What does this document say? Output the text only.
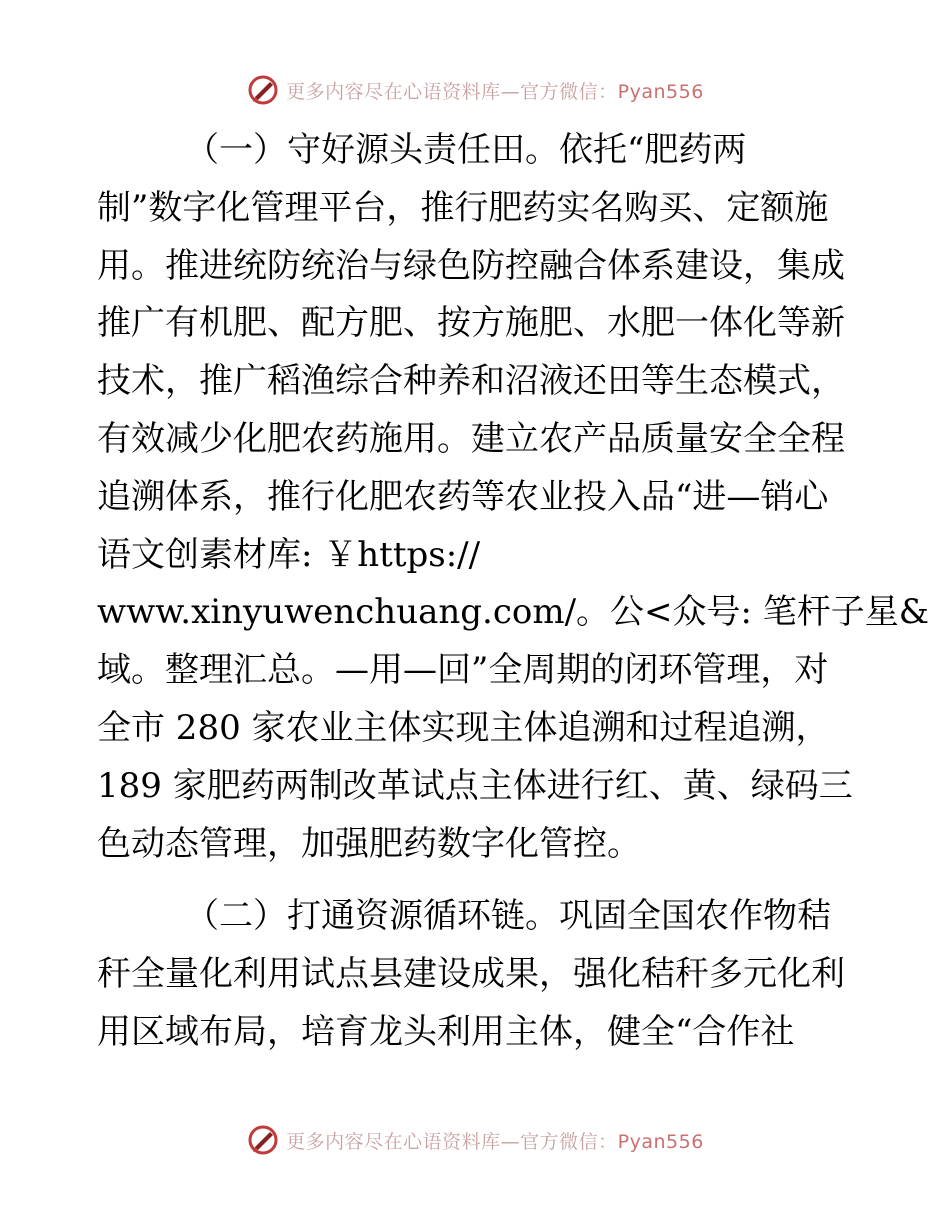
更多内容尽在心语资料库—官方微信：Pyan556
（一）守好源头责任田。依托“肥药两
制”数字化管理平台，推行肥药实名购买、定额施
用。推进统防统治与绿色防控融合体系建设，集成
推广有机肥、配方肥、按方施肥、水肥一体化等新
技术，推广稻渔综合种养和沼液还田等生态模式，
有效减少化肥农药施用。建立农产品质量安全全程
追溯体系，推行化肥农药等农业投入品“进—销心
语文创素材库: ￥https://
www.xinyuwenchuang.com/。公<众号: 笔杆子星&
域。整理汇总。—用—回”全周期的闭环管理，对
全市 280 家农业主体实现主体追溯和过程追溯，
189 家肥药两制改革试点主体进行红、黄、绿码三
色动态管理，加强肥药数字化管控。
（二）打通资源循环链。巩固全国农作物秸
秆全量化利用试点县建设成果，强化秸秆多元化利
用区域布局，培育龙头利用主体，健全“合作社
更多内容尽在心语资料库—官方微信：Pyan556
